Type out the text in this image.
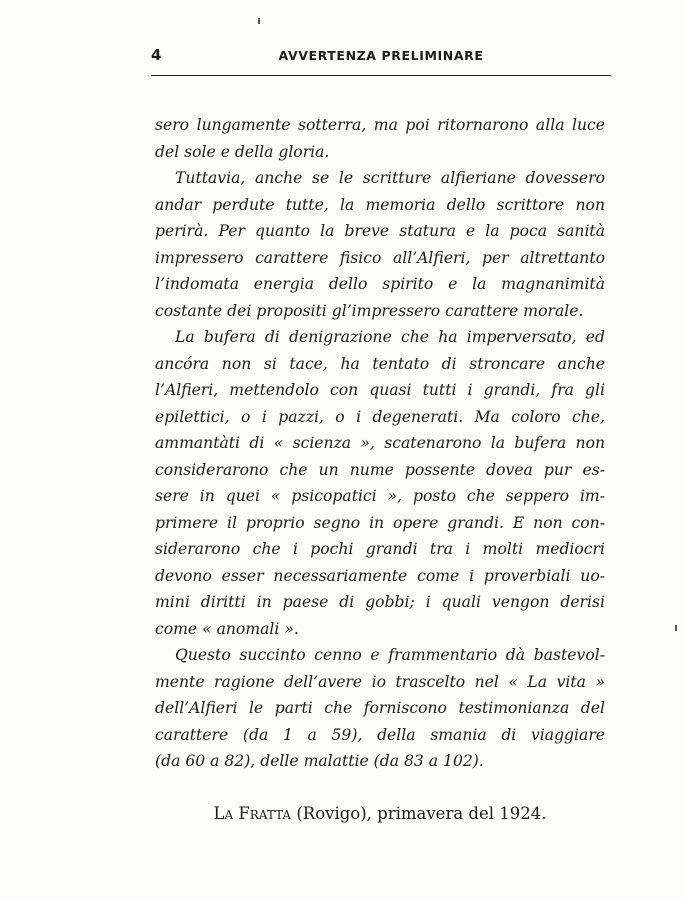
4	AVVERTENZA PRELIMINARE
sero lungamente sotterra, ma poi ritornarono alla luce
del sole e della gloria.
Tuttavia, anche se le scritture alfieriane dovessero
andar perdute tutte, la memoria dello scrittore non
perirà. Per quanto la breve statura e la poca sanità
impressero carattere fisico all’Alfieri, per altrettanto
l’indomata energia dello spirito e la magnanimità
costante dei propositi gl’impressero carattere morale.
La bufera di denigrazione che ha imperversato, ed
ancóra non si tace, ha tentato di stroncare anche
l’Alfieri, mettendolo con quasi tutti i grandi, fra gli
epilettici, o i pazzi, o i degenerati. Ma coloro che,
ammantàti di « scienza », scatenarono la bufera non
considerarono che un nume possente dovea pur es-
sere in quei « psicopatici », posto che seppero im-
primere il proprio segno in opere grandi. E non con-
siderarono che i pochi grandi tra i molti mediocri
devono esser necessariamente come i proverbiali uo-
mini diritti in paese di gobbi; i quali vengon derisi
come « anomali ».
Questo succinto cenno e frammentario dà bastevol-
mente ragione dell’avere io trascelto nel « La vita »
dell’Alfieri le parti che forniscono testimonianza del
carattere (da 1 a 59), della smania di viaggiare
(da 60 a 82), delle malattie (da 83 a 102).
La Fratta (Rovigo), primavera del 1924.
